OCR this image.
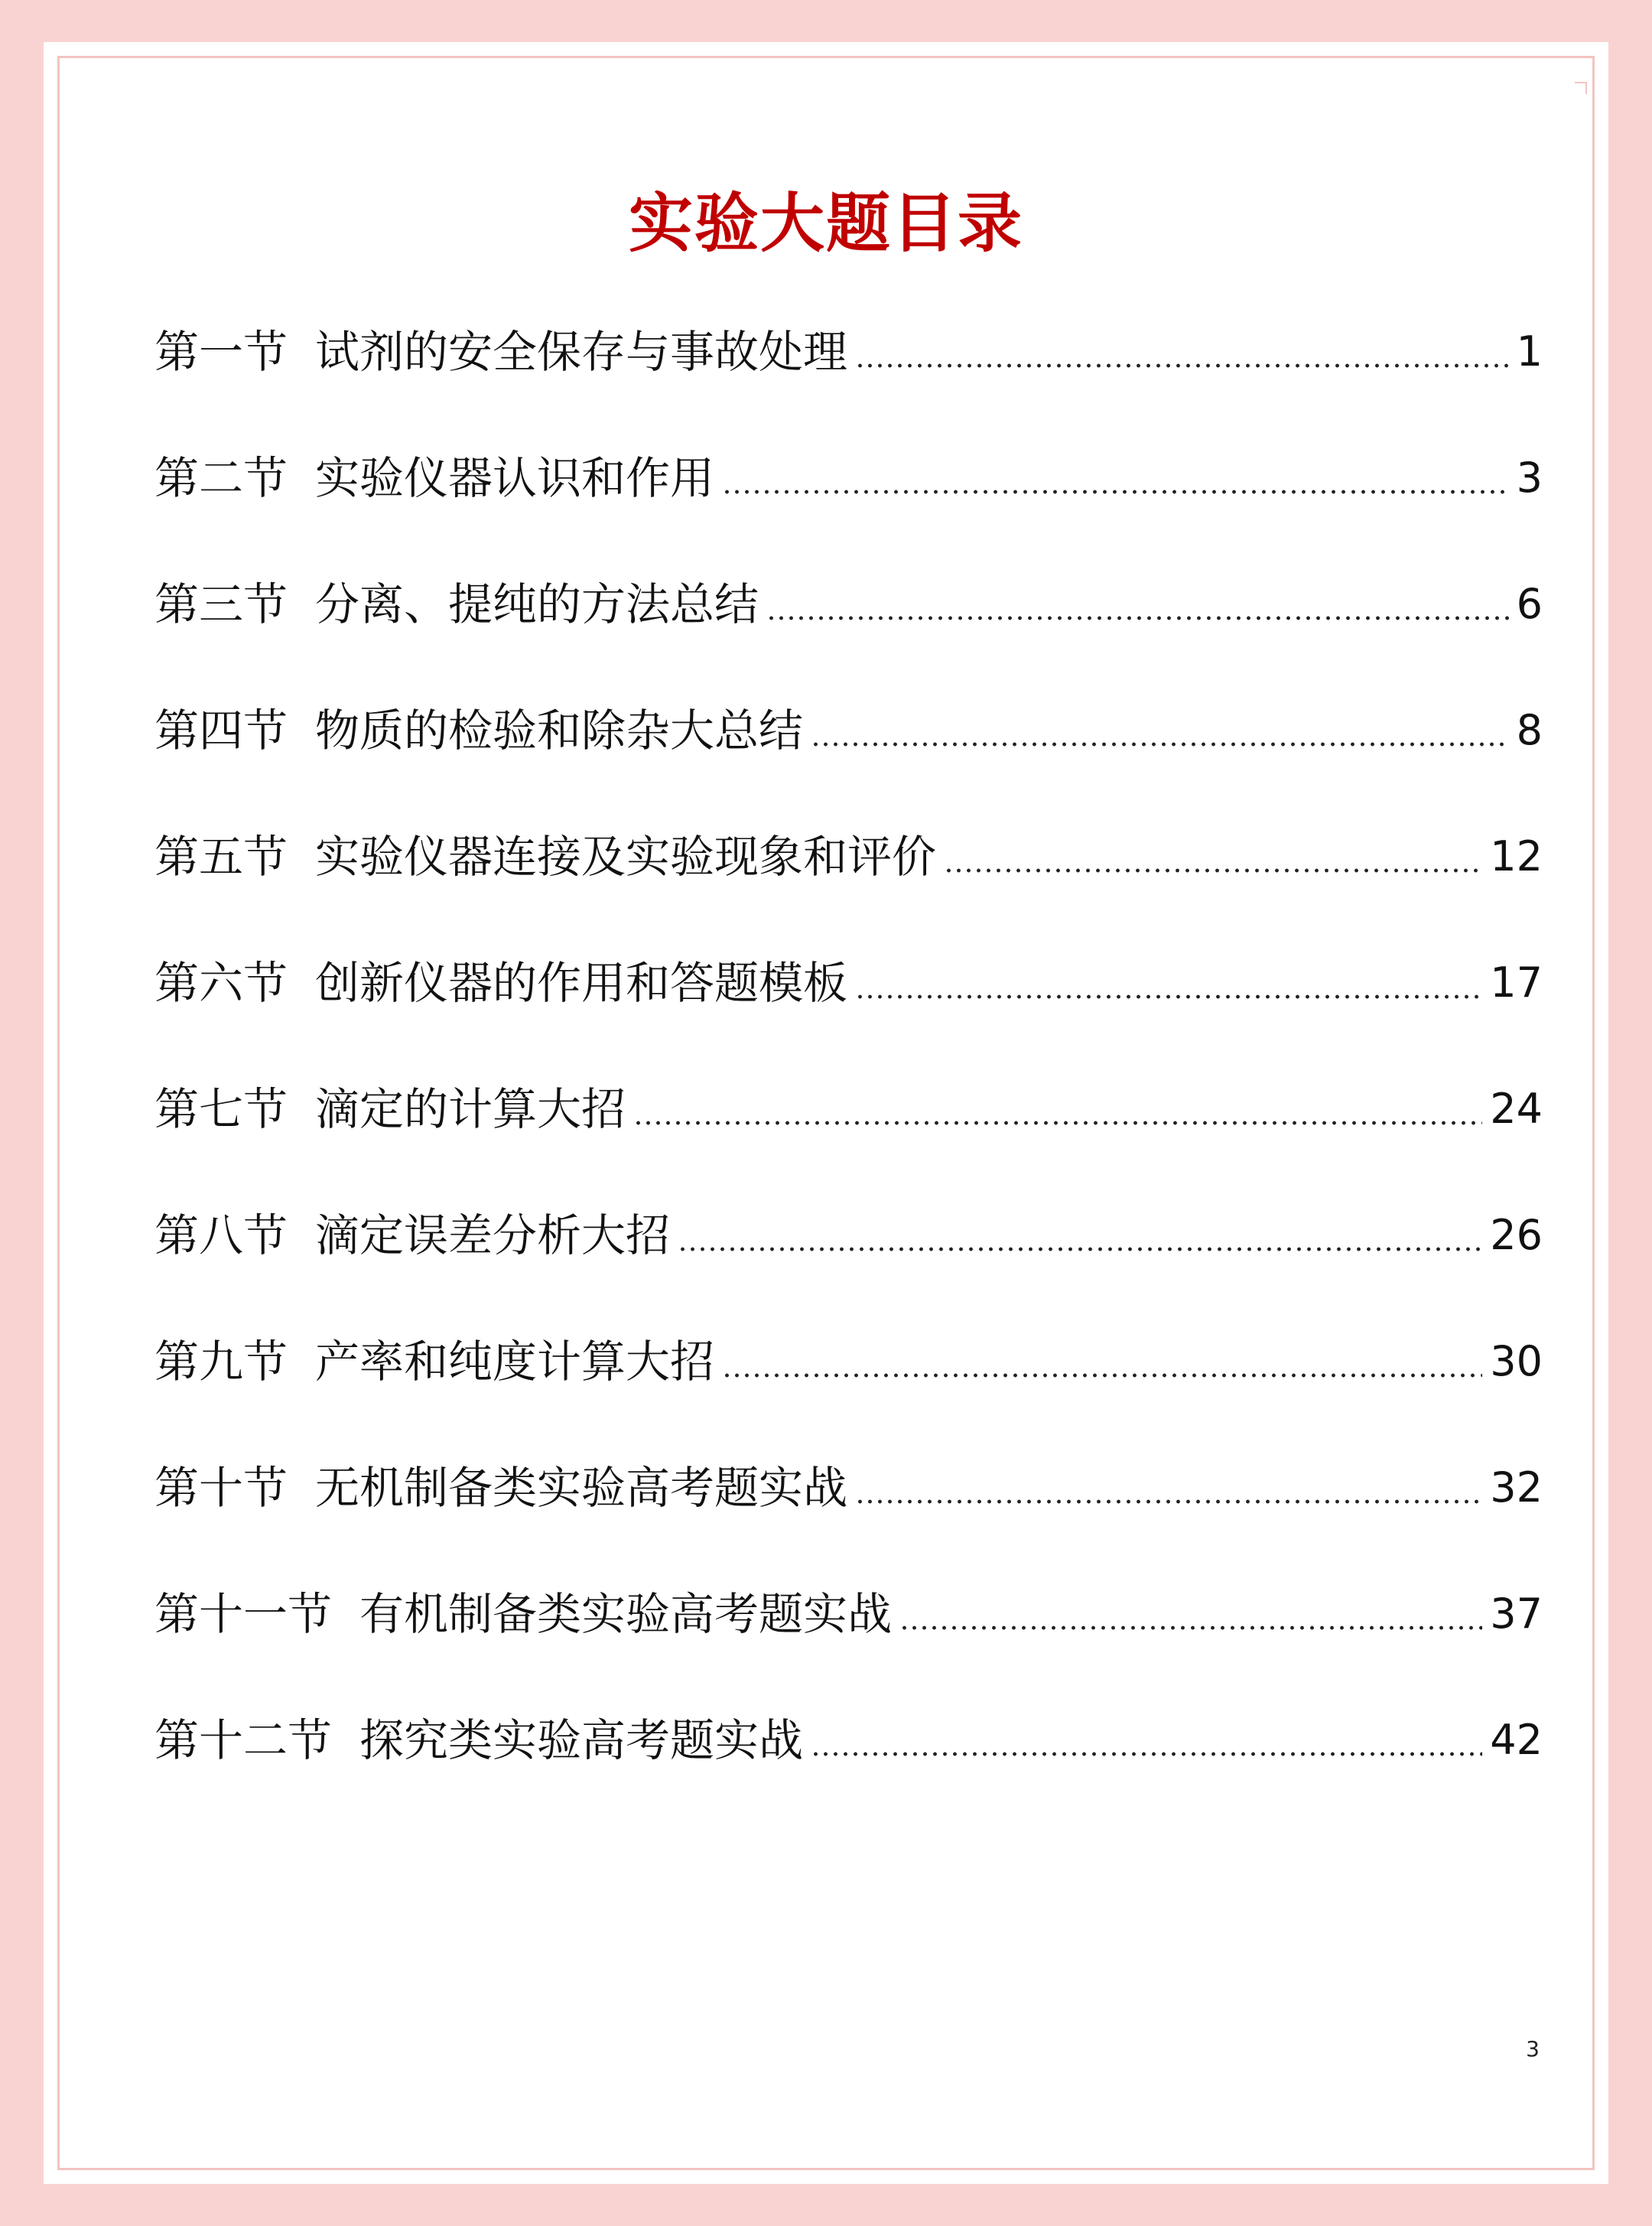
实验大题目录
第一节 试剂的安全保存与事故处理	1
第二节 实验仪器认识和作用	3
第三节 分离、提纯的方法总结	6
第四节 物质的检验和除杂大总结	8
第五节 实验仪器连接及实验现象和评价	12
第六节 创新仪器的作用和答题模板	17
第七节 滴定的计算大招	24
第八节 滴定误差分析大招	26
第九节 产率和纯度计算大招	30
第十节 无机制备类实验高考题实战	32
第十一节 有机制备类实验高考题实战	37
第十二节 探究类实验高考题实战	42
3
